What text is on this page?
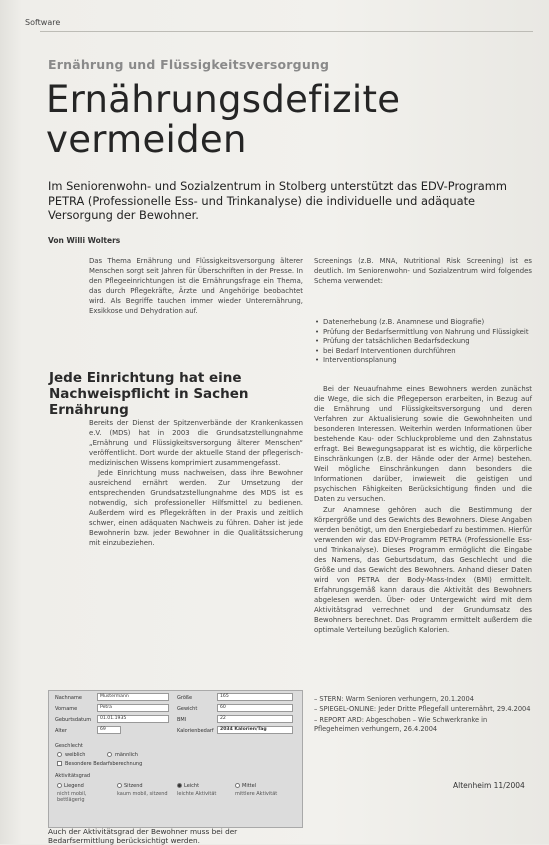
Software
Ernährung und Flüssigkeitsversorgung
Ernährungsdefizite
vermeiden
Im Seniorenwohn- und Sozialzentrum in Stolberg unterstützt das EDV-Programm PETRA (Professionelle Ess- und Trinkanalyse) die individuelle und adäquate Versorgung der Bewohner.
Von Willi Wolters

Das Thema Ernährung und Flüssigkeitsversorgung älterer Menschen sorgt seit Jahren für Überschriften in der Presse. In den Pflegeeinrichtungen ist die Ernährungsfrage ein Thema, das durch Pflegekräfte, Ärzte und Angehörige beobachtet wird. Als Begriffe tauchen immer wieder Unterernährung, Exsikkose und Dehydration auf.

Jede Einrichtung hat eine Nachweispflicht in Sachen Ernährung

Bereits der Dienst der Spitzenverbände der Krankenkassen e.V. (MDS) hat in 2003 die Grundsatzstellungnahme „Ernährung und Flüssigkeitsversorgung älterer Menschen“ veröffentlicht. Dort wurde der aktuelle Stand der pflegerisch-medizinischen Wissens komprimiert zusammengefasst.

Jede Einrichtung muss nachweisen, dass ihre Bewohner ausreichend ernährt werden. Zur Umsetzung der entsprechenden Grundsatzstellungnahme des MDS ist es notwendig, sich professioneller Hilfsmittel zu bedienen. Außerdem wird es Pflegekräften in der Praxis und zeitlich schwer, einen adäquaten Nachweis zu führen. Daher ist jede Bewohnerin bzw. jeder Bewohner in die Qualitätssicherung mit einzubeziehen.

Screenings (z.B. MNA, Nutritional Risk Screening) ist es deutlich. Im Seniorenwohn- und Sozialzentrum wird folgendes Schema verwendet:

• Datenerhebung (z.B. Anamnese und Biografie)
• Prüfung der Bedarfsermittlung von Nahrung und Flüssigkeit
• Prüfung der tatsächlichen Bedarfsdeckung
• bei Bedarf Interventionen durchführen
• Interventionsplanung

Bei der Neuaufnahme eines Bewohners werden zunächst die Wege, die sich die Pflegeperson erarbeiten, in Bezug auf die Ernährung und Flüssigkeitsversorgung und deren Verfahren zur Aktualisierung sowie die Gewohnheiten und besonderen Interessen. Weiterhin werden Informationen über bestehende Kau- oder Schluckprobleme und den Zahnstatus erfragt. Bei Bewegungsapparat ist es wichtig, die körperliche Einschränkungen (z.B. der Hände oder der Arme) bestehen. Weil mögliche Einschränkungen dann besonders die Informationen darüber, inwieweit die geistigen und psychischen Fähigkeiten Berücksichtigung finden und die Daten zu versuchen.

Zur Anamnese gehören auch die Bestimmung der Körpergröße und des Gewichts des Bewohners. Diese Angaben werden benötigt, um den Energiebedarf zu bestimmen. Hierfür verwenden wir das EDV-Programm PETRA (Professionelle Ess- und Trinkanalyse). Dieses Programm ermöglicht die Eingabe des Namens, das Geburtsdatum, das Geschlecht und die Größe und das Gewicht des Bewohners. Anhand dieser Daten wird von PETRA der Body-Mass-Index (BMI) ermittelt. Erfahrungsgemäß kann daraus die Aktivität des Bewohners abgelesen werden. Über- oder Untergewicht wird mit dem Aktivitätsgrad verrechnet und der Grundumsatz des Bewohners berechnet. Das Programm ermittelt außerdem die optimale Verteilung bezüglich Kalorien.

– STERN: Warm Senioren verhungern, 20.1.2004

– SPIEGEL-ONLINE: Jeder Dritte Pflegefall unterernährt, 29.4.2004

– REPORT ARD: Abgeschoben – Wie Schwerkranke in Pflegeheimen verhungern, 26.4.2004

Nachname	Mustermann
Vorname	Petra
Geburtsdatum	01.01.1935
Alter	69
Größe	165
Gewicht	60
BMI	22
Kalorienbedarf	2034 Kalorien/Tag
Geschlecht
weiblich	männlich
Besondere Bedarfsberechnung
Aktivitätsgrad
Liegend
nicht mobil, bettlägerig
Sitzend
kaum mobil, sitzend
Leicht
leichte Aktivität
Mittel
mittlere Aktivität
Auch der Aktivitätsgrad der Bewohner muss bei der Bedarfsermittlung berücksichtigt werden.
Altenheim 11/2004
